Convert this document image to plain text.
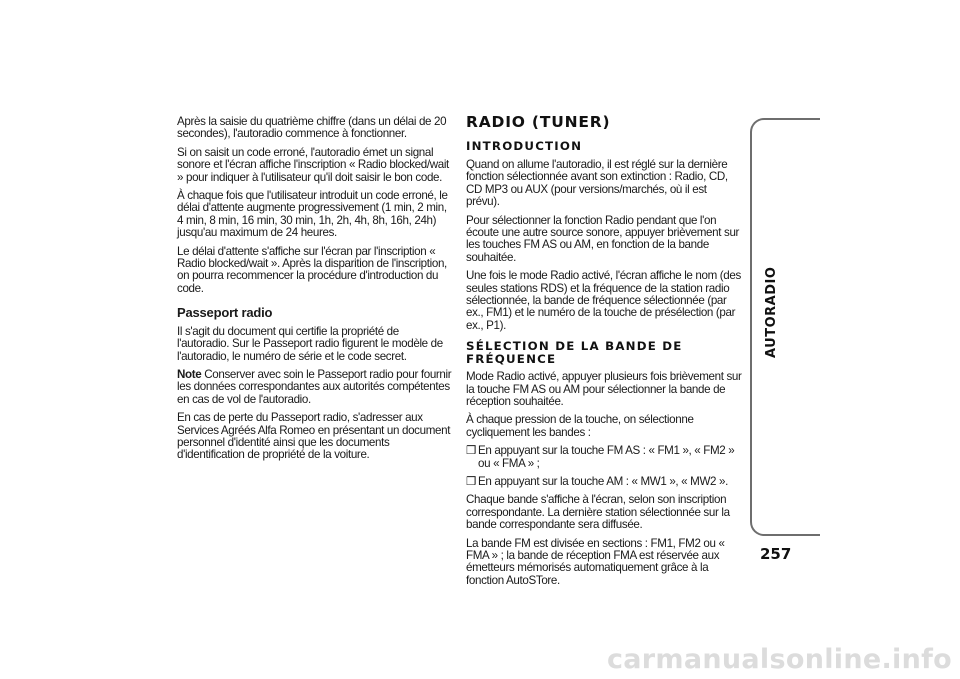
Après la saisie du quatrième chiffre (dans un délai de 20 secondes), l'autoradio commence à fonctionner.

Si on saisit un code erroné, l'autoradio émet un signal sonore et l'écran affiche l'inscription « Radio blocked/wait » pour indiquer à l'utilisateur qu'il doit saisir le bon code.

À chaque fois que l'utilisateur introduit un code erroné, le délai d'attente augmente progressivement (1 min, 2 min, 4 min, 8 min, 16 min, 30 min, 1h, 2h, 4h, 8h, 16h, 24h) jusqu'au maximum de 24 heures.

Le délai d'attente s'affiche sur l'écran par l'inscription « Radio blocked/wait ». Après la disparition de l'inscription, on pourra recommencer la procédure d'introduction du code.

Passeport radio

Il s'agit du document qui certifie la propriété de l'autoradio. Sur le Passeport radio figurent le modèle de l'autoradio, le numéro de série et le code secret.

Note Conserver avec soin le Passeport radio pour fournir les données correspondantes aux autorités compétentes en cas de vol de l'autoradio.

En cas de perte du Passeport radio, s'adresser aux Services Agréés Alfa Romeo en présentant un document personnel d'identité ainsi que les documents d'identification de propriété de la voiture.

RADIO (TUNER)
INTRODUCTION

Quand on allume l'autoradio, il est réglé sur la dernière fonction sélectionnée avant son extinction : Radio, CD, CD MP3 ou AUX (pour versions/marchés, où il est prévu).

Pour sélectionner la fonction Radio pendant que l'on écoute une autre source sonore, appuyer brièvement sur les touches FM AS ou AM, en fonction de la bande souhaitée.

Une fois le mode Radio activé, l'écran affiche le nom (des seules stations RDS) et la fréquence de la station radio sélectionnée, la bande de fréquence sélectionnée (par ex., FM1) et le numéro de la touche de présélection (par ex., P1).

SÉLECTION DE LA BANDE DE
FRÉQUENCE

Mode Radio activé, appuyer plusieurs fois brièvement sur la touche FM AS ou AM pour sélectionner la bande de réception souhaitée.

À chaque pression de la touche, on sélectionne cycliquement les bandes :

❒ En appuyant sur la touche FM AS : « FM1 », « FM2 » ou « FMA » ;

❒ En appuyant sur la touche AM : « MW1 », « MW2 ».

Chaque bande s'affiche à l'écran, selon son inscription correspondante. La dernière station sélectionnée sur la bande correspondante sera diffusée.

La bande FM est divisée en sections : FM1, FM2 ou « FMA » ; la bande de réception FMA est réservée aux émetteurs mémorisés automatiquement grâce à la fonction AutoSTore.

AUTORADIO
257
carmanualsonline.info
